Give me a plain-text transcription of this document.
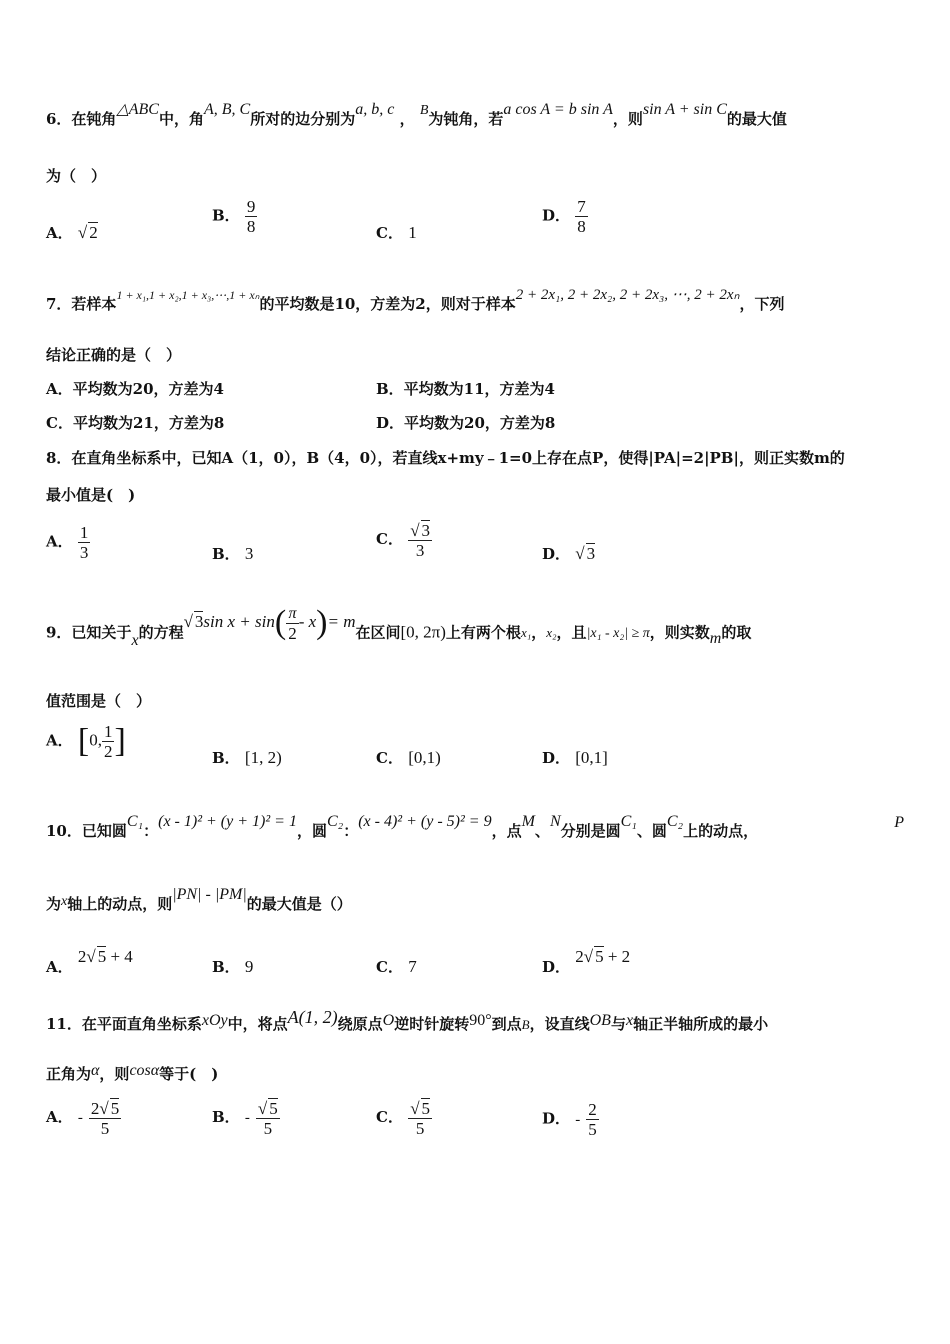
6．在钝角△ABC中，角A, B, C所对的边分别为a, b, c ， B为钝角，若a cos A = b sin A，则sin A + sin C的最大值
为（　）
A． √ 2
B． $\frac{9}{8}$	C． 1
D． $\frac{7}{8}$
7．若样本$^{1 + x_1,1 + x_2,1 + x_3,\cdots,1 + x_n}$的平均数是10，方差为2，则对于样本2 + 2x₁, 2 + 2x₂, 2 + 2x₃, ⋯, 2 + 2xₙ，下列
结论正确的是（　）
A．平均数为20，方差为4	B．平均数为11，方差为4
C．平均数为21，方差为8	D．平均数为20，方差为8
8．在直角坐标系中，已知A（1，0），B（4，0），若直线x+my﹣1=0上存在点P，使得|PA|=2|PB|，则正实数m的
最小值是(　)
A． $\frac{1}{3}$	B． 3
C． $\frac{√ 3}{3}$	D． √ 3
9．已知关于x的方程√ 3sin $x + \sin( \frac{\pi}{2} - x)= m$在区间[0, 2π)上有两个根x₁，x₂，且|x₁ - x₂| ≥ π，则实数m的取
值范围是（　）
A． [0, $\frac{1}{2}$ ]	B． [1, 2)	C． [0,1)	D． [0,1]
10．已知圆C₁：(x - 1)² + (y + 1)² = 1，圆C₂：(x - 4)² + (y - 5)² = 9，点M、N分别是圆C₁、圆C₂上的动点，	P
为x轴上的动点，则|PN| - |PM|的最大值是（）
A． 2√ 5 + 4
B． 9	C． 7	D． 2√ 5 + 2
11．在平面直角坐标系xOy中，将点A(1, 2)绕原点O逆时针旋转90°到点B，设直线OB与x轴正半轴所成的最小
正角为α，则cosα等于(　)
A． - $\frac{2√ 5}{5}$	B． - $\frac{√ 5}{5}$	C． $\frac{√ 5}{5}$	D． - $\frac{2}{5}$
